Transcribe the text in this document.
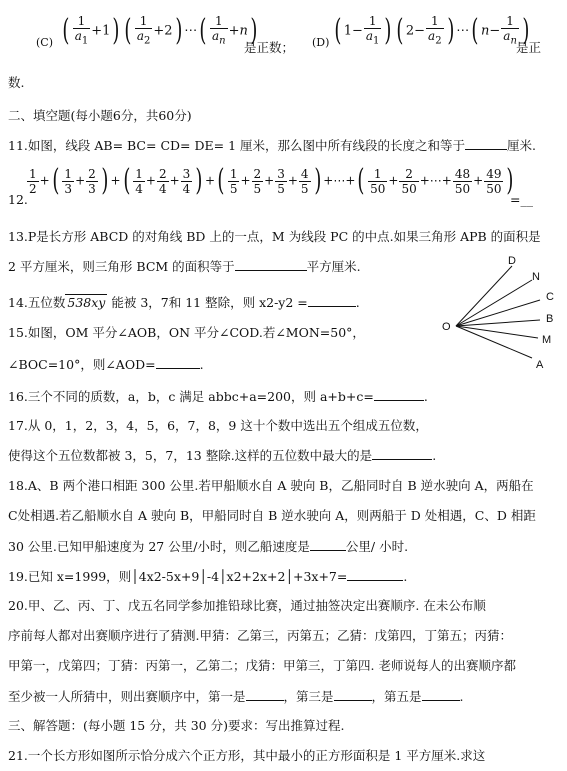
(C) ( $\frac{1}{a_1} +1$) ( $\frac{1}{a_2} +2$) ⋯( $\frac{1}{a_n} +n$)
是正数； (D) ( $1- \frac{1}{a_1}$ ) ( $2- \frac{1}{a_2}$ ) ⋯( $n- \frac{1}{a_n}$ )
是正
数.
二、填空题(每小题6分，共60分)
11.如图，线段 AB= BC= CD= DE= 1 厘米，那么图中所有线段的长度之和等于	厘米.
12.
$\frac{1}{2}$ +( $\frac{1}{3} + \frac{2}{3}$ ) +( $\frac{1}{4} + \frac{2}{4} + \frac{3}{4}$ ) +( $\frac{1}{5} + \frac{2}{5} + \frac{3}{5} + \frac{4}{5}$ ) +⋯+( $\frac{1}{50} + \frac{2}{50}$ +⋯+ $\frac{48}{50} + \frac{49}{50}$ )
=__
13.P是长方形 ABCD 的对角线 BD 上的一点，M 为线段 PC 的中点.如果三角形 APB 的面积是
2 平方厘米，则三角形 BCM 的面积等于	平方厘米.
14.五位数 538xy 能被 3，7和 11 整除，则 x2-y2 =	.
15.如图，OM 平分∠AOB，ON 平分∠COD.若∠MON=50°，
∠BOC=10°，则∠AOD=	.
O
D
N
C
B
M
A
16.三个不同的质数，a，b，c 满足 abbc+a=200，则 a+b+c=	.
17.从 0，1，2，3，4，5，6，7，8，9 这十个数中选出五个组成五位数，
使得这个五位数都被 3，5，7，13 整除.这样的五位数中最大的是	.
18.A、B 两个港口相距 300 公里.若甲船顺水自 A 驶向 B，乙船同时自 B 逆水驶向 A，两船在
C处相遇.若乙船顺水自 A 驶向 B，甲船同时自 B 逆水驶向 A，则两船于 D 处相遇，C、D 相距
30 公里.已知甲船速度为 27 公里/小时，则乙船速度是	公里/ 小时.
19.已知 x=1999，则│4x2-5x+9│-4│x2+2x+2│+3x+7=	.
20.甲、乙、丙、丁、戊五名同学参加推铅球比赛，通过抽签决定出赛顺序. 在未公布顺
序前每人都对出赛顺序进行了猜测.甲猜：乙第三，丙第五；乙猜：戊第四，丁第五；丙猜：
甲第一，戊第四；丁猜：丙第一，乙第二；戊猜：甲第三，丁第四. 老师说每人的出赛顺序都
至少被一人所猜中，则出赛顺序中，第一是	，第三是	，第五是	.
三、解答题：(每小题 15 分，共 30 分)要求：写出推算过程.
21.一个长方形如图所示恰分成六个正方形，其中最小的正方形面积是 1 平方厘米.求这
